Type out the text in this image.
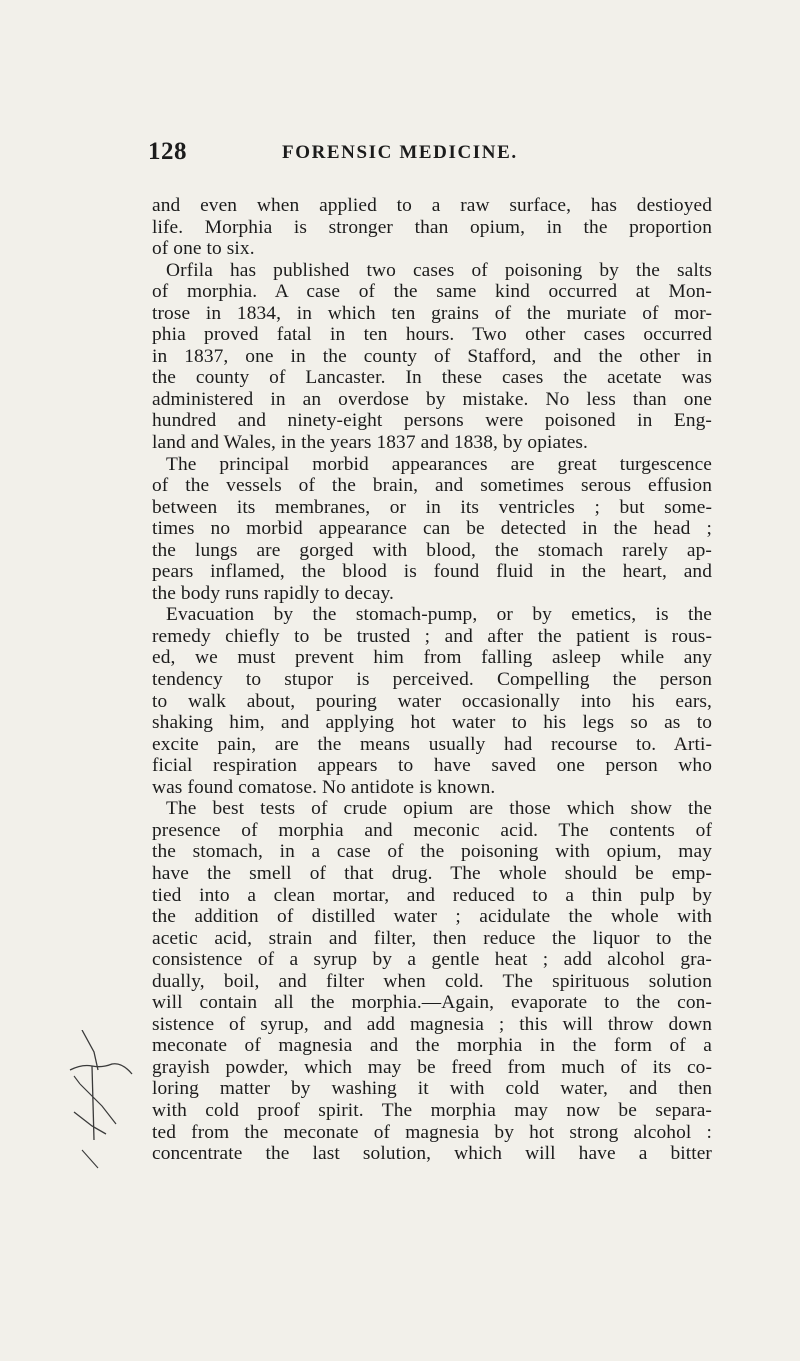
128	FORENSIC MEDICINE.
and even when applied to a raw surface, has destioyed
life. Morphia is stronger than opium, in the proportion
of one to six.
Orfila has published two cases of poisoning by the salts
of morphia. A case of the same kind occurred at Mon-
trose in 1834, in which ten grains of the muriate of mor-
phia proved fatal in ten hours. Two other cases occurred
in 1837, one in the county of Stafford, and the other in
the county of Lancaster. In these cases the acetate was
administered in an overdose by mistake. No less than one
hundred and ninety-eight persons were poisoned in Eng-
land and Wales, in the years 1837 and 1838, by opiates.
The principal morbid appearances are great turgescence
of the vessels of the brain, and sometimes serous effusion
between its membranes, or in its ventricles ; but some-
times no morbid appearance can be detected in the head ;
the lungs are gorged with blood, the stomach rarely ap-
pears inflamed, the blood is found fluid in the heart, and
the body runs rapidly to decay.
Evacuation by the stomach-pump, or by emetics, is the
remedy chiefly to be trusted ; and after the patient is rous-
ed, we must prevent him from falling asleep while any
tendency to stupor is perceived. Compelling the person
to walk about, pouring water occasionally into his ears,
shaking him, and applying hot water to his legs so as to
excite pain, are the means usually had recourse to. Arti-
ficial respiration appears to have saved one person who
was found comatose. No antidote is known.
The best tests of crude opium are those which show the
presence of morphia and meconic acid. The contents of
the stomach, in a case of the poisoning with opium, may
have the smell of that drug. The whole should be emp-
tied into a clean mortar, and reduced to a thin pulp by
the addition of distilled water ; acidulate the whole with
acetic acid, strain and filter, then reduce the liquor to the
consistence of a syrup by a gentle heat ; add alcohol gra-
dually, boil, and filter when cold. The spirituous solution
will contain all the morphia.—Again, evaporate to the con-
sistence of syrup, and add magnesia ; this will throw down
meconate of magnesia and the morphia in the form of a
grayish powder, which may be freed from much of its co-
loring matter by washing it with cold water, and then
with cold proof spirit. The morphia may now be separa-
ted from the meconate of magnesia by hot strong alcohol :
concentrate the last solution, which will have a bitter
